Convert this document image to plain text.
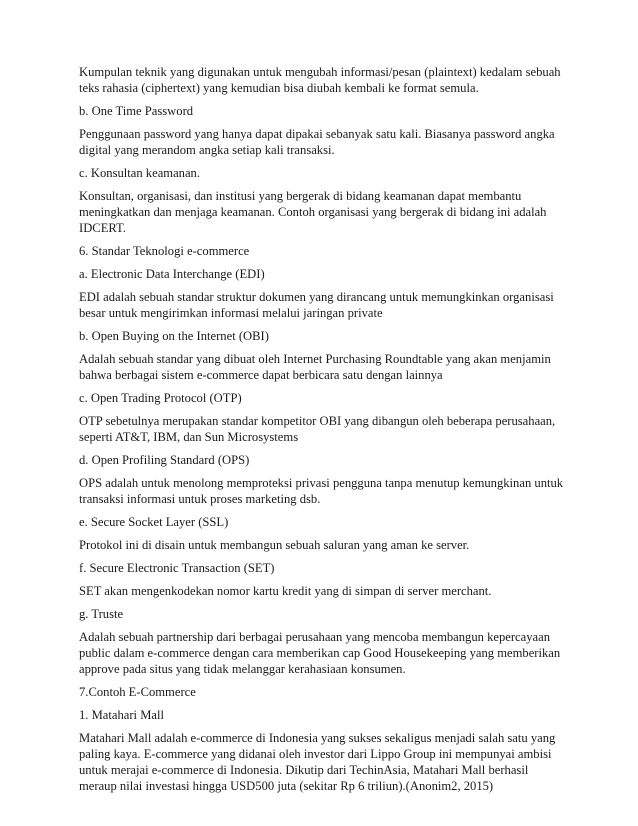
Kumpulan teknik yang digunakan untuk mengubah informasi/pesan (plaintext) kedalam sebuah
teks rahasia (ciphertext) yang kemudian bisa diubah kembali ke format semula.

b. One Time Password

Penggunaan password yang hanya dapat dipakai sebanyak satu kali. Biasanya password angka
digital yang merandom angka setiap kali transaksi.

c. Konsultan keamanan.

Konsultan, organisasi, dan institusi yang bergerak di bidang keamanan dapat membantu
meningkatkan dan menjaga keamanan. Contoh organisasi yang bergerak di bidang ini adalah
IDCERT.

6. Standar Teknologi e-commerce

a. Electronic Data Interchange (EDI)

EDI adalah sebuah standar struktur dokumen yang dirancang untuk memungkinkan organisasi
besar untuk mengirimkan informasi melalui jaringan private

b. Open Buying on the Internet (OBI)

Adalah sebuah standar yang dibuat oleh Internet Purchasing Roundtable yang akan menjamin
bahwa berbagai sistem e-commerce dapat berbicara satu dengan lainnya

c. Open Trading Protocol (OTP)

OTP sebetulnya merupakan standar kompetitor OBI yang dibangun oleh beberapa perusahaan,
seperti AT&T, IBM, dan Sun Microsystems

d. Open Profiling Standard (OPS)

OPS adalah untuk menolong memproteksi privasi pengguna tanpa menutup kemungkinan untuk
transaksi informasi untuk proses marketing dsb.

e. Secure Socket Layer (SSL)

Protokol ini di disain untuk membangun sebuah saluran yang aman ke server.

f. Secure Electronic Transaction (SET)

SET akan mengenkodekan nomor kartu kredit yang di simpan di server merchant.

g. Truste

Adalah sebuah partnership dari berbagai perusahaan yang mencoba membangun kepercayaan
public dalam e-commerce dengan cara memberikan cap Good Housekeeping yang memberikan
approve pada situs yang tidak melanggar kerahasiaan konsumen.

7.Contoh E-Commerce

1. Matahari Mall

Matahari Mall adalah e-commerce di Indonesia yang sukses sekaligus menjadi salah satu yang
paling kaya. E-commerce yang didanai oleh investor dari Lippo Group ini mempunyai ambisi
untuk merajai e-commerce di Indonesia. Dikutip dari TechinAsia, Matahari Mall berhasil
meraup nilai investasi hingga USD500 juta (sekitar Rp 6 triliun).(Anonim2, 2015)
